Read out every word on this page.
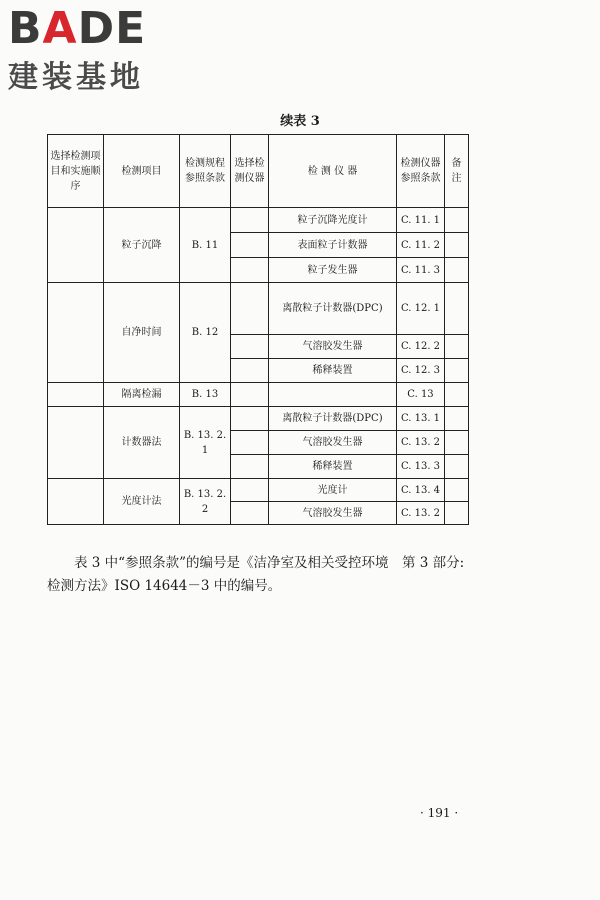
BADE
建装基地
续表 3
选择检测项目和实施顺序	检测项目	检测规程参照条款	选择检测仪器	检 测 仪 器	检测仪器参照条款	备注
	粒子沉降	B. 11		粒子沉降光度计	C. 11. 1	
				表面粒子计数器	C. 11. 2	
				粒子发生器	C. 11. 3	
	自净时间	B. 12		离散粒子计数器(DPC)	C. 12. 1	
				气溶胶发生器	C. 12. 2	
				稀释装置	C. 12. 3	
	隔离检漏	B. 13			C. 13	
	计数器法	B. 13. 2. 1		离散粒子计数器(DPC)	C. 13. 1	
				气溶胶发生器	C. 13. 2	
				稀释装置	C. 13. 3	
	光度计法	B. 13. 2. 2		光度计	C. 13. 4	
				气溶胶发生器	C. 13. 2	
表 3 中“参照条款”的编号是《洁净室及相关受控环境　第 3 部分:检测方法》ISO 14644－3 中的编号。
· 191 ·
